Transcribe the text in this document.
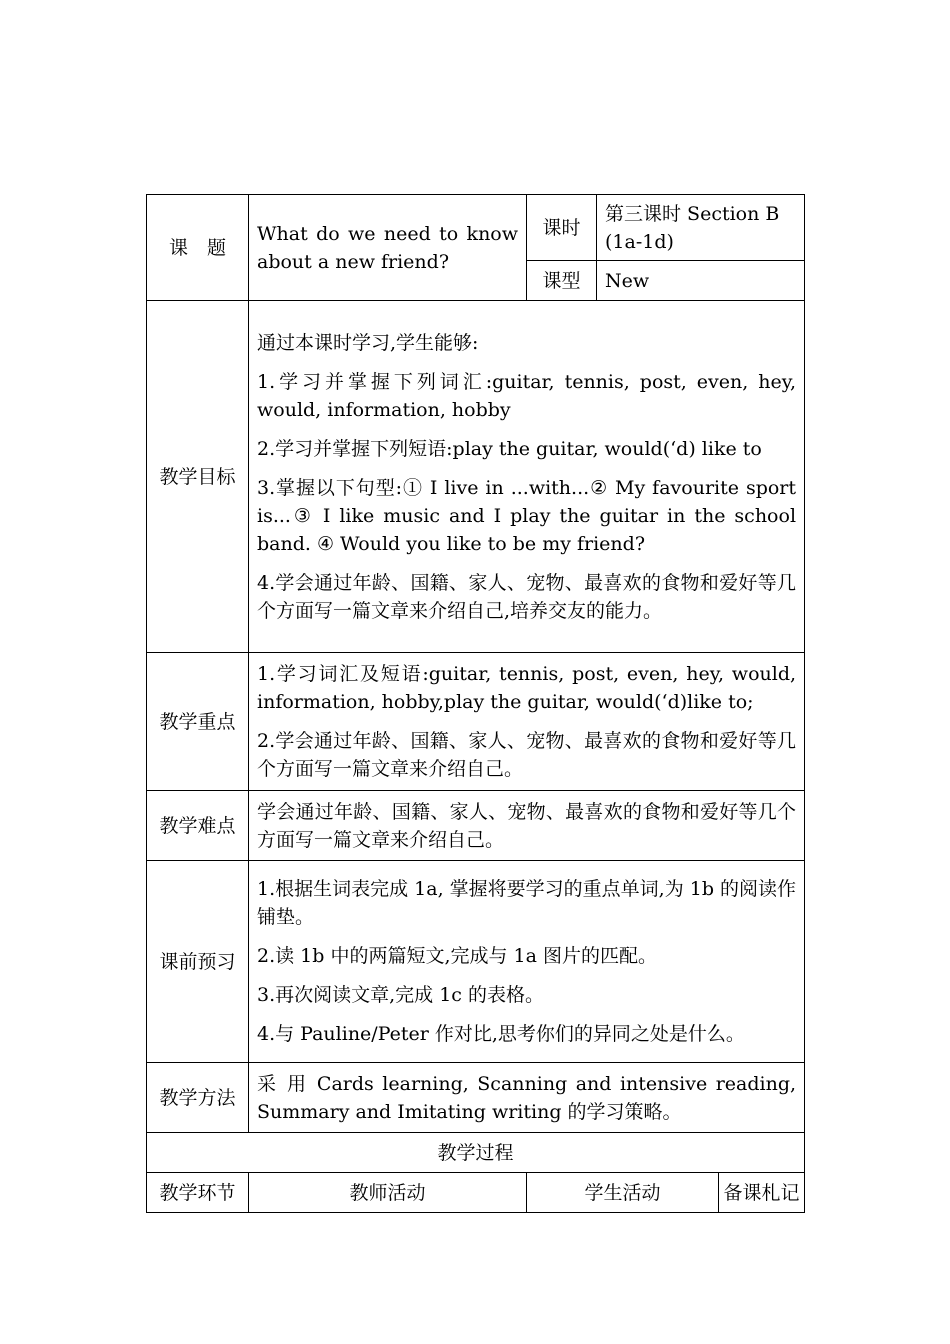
课　题	What do we need to know about a new friend?	课时	第三课时 Section B (1a-1d)	
		课型	New	
教学目标	通过本课时学习,学生能够:

1.学习并掌握下列词汇:guitar, tennis, post, even, hey, would, information, hobby

2.学习并掌握下列短语:play the guitar, would(‘d) like to

3.掌握以下句型:① I live in ...with...② My favourite sport is...③ I like music and I play the guitar in the school band. ④ Would you like to be my friend?

4.学会通过年龄、国籍、家人、宠物、最喜欢的食物和爱好等几个方面写一篇文章来介绍自己,培养交友的能力。			

教学重点	1.学习词汇及短语:guitar, tennis, post, even, hey, would, information, hobby,play the guitar, would(‘d)like to;

2.学会通过年龄、国籍、家人、宠物、最喜欢的食物和爱好等几个方面写一篇文章来介绍自己。			

教学难点	学会通过年龄、国籍、家人、宠物、最喜欢的食物和爱好等几个方面写一篇文章来介绍自己。			
课前预习	1.根据生词表完成 1a, 掌握将要学习的重点单词,为 1b 的阅读作铺垫。

2.读 1b 中的两篇短文,完成与 1a 图片的匹配。

3.再次阅读文章,完成 1c 的表格。

4.与 Pauline/Peter 作对比,思考你们的异同之处是什么。			

教学方法	采 用 Cards learning, Scanning and intensive reading, Summary and Imitating writing 的学习策略。			
教学过程				
教学环节	教师活动	学生活动		备课札记
